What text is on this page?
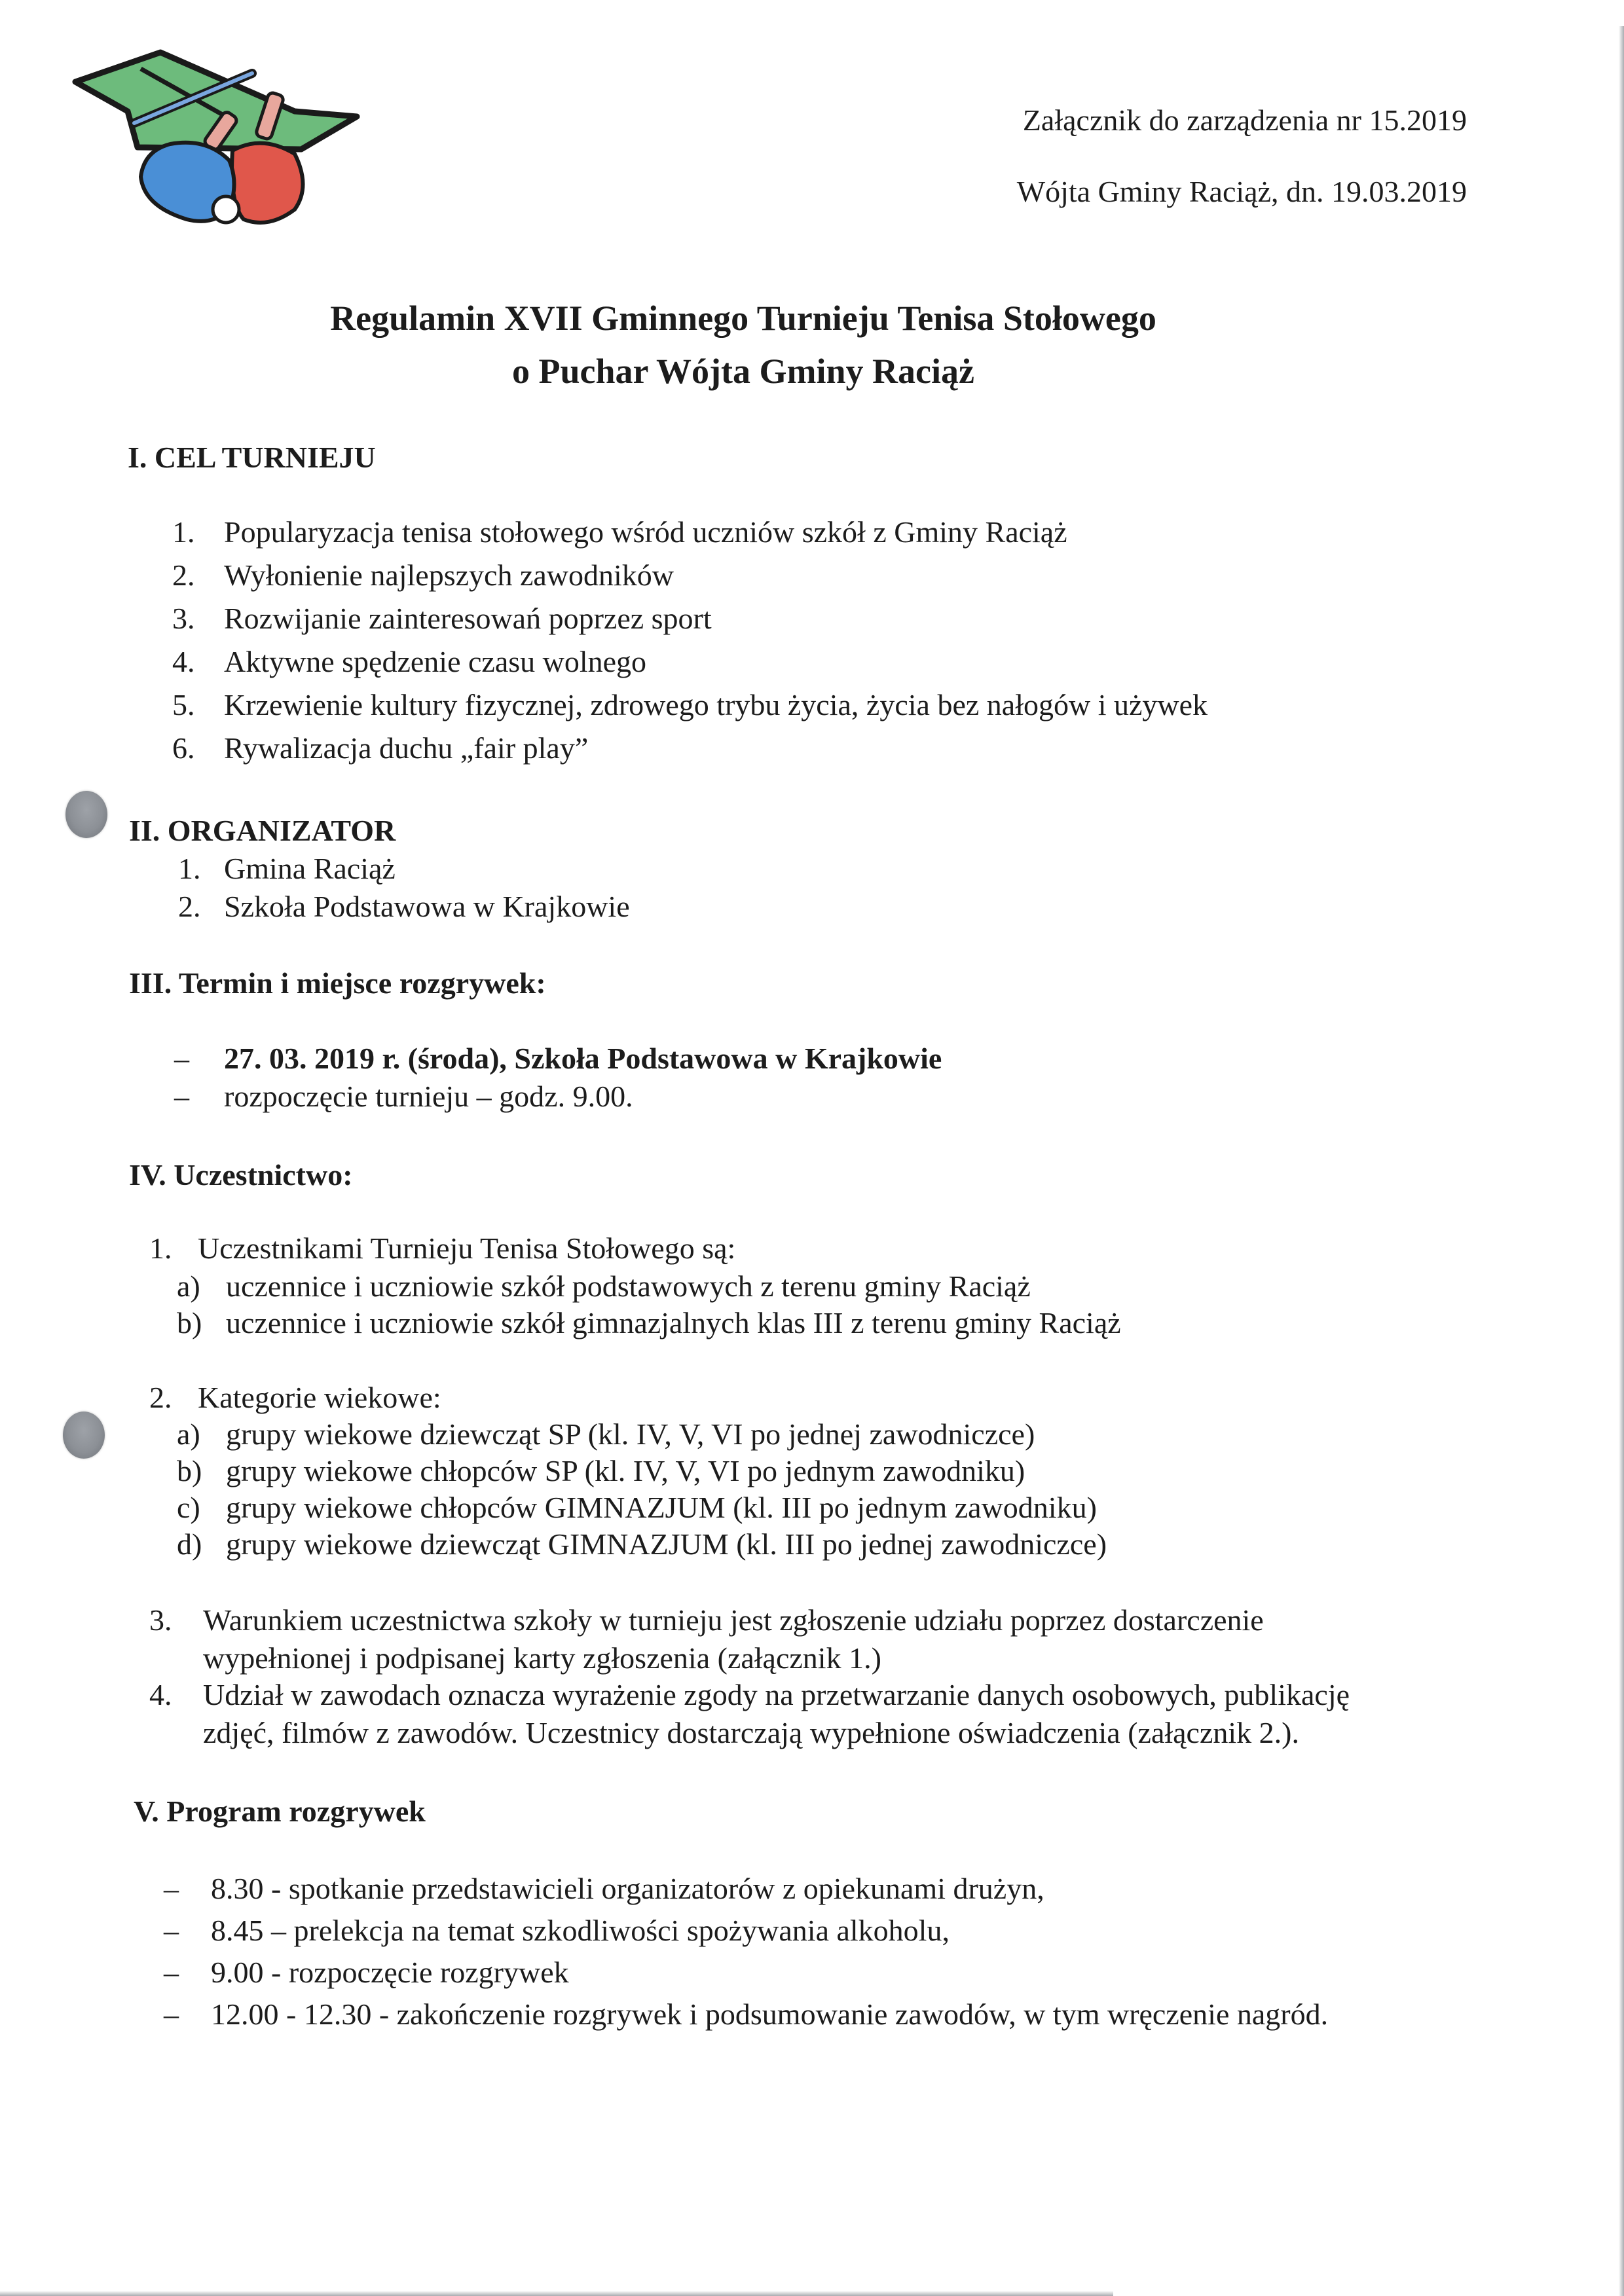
Załącznik do zarządzenia nr 15.2019
Wójta Gminy Raciąż, dn. 19.03.2019
Regulamin XVII Gminnego Turnieju Tenisa Stołowego
o Puchar Wójta Gminy Raciąż
I. CEL TURNIEJU
1. Popularyzacja tenisa stołowego wśród uczniów szkół z Gminy Raciąż
2. Wyłonienie najlepszych zawodników
3. Rozwijanie zainteresowań poprzez sport
4. Aktywne spędzenie czasu wolnego
5. Krzewienie kultury fizycznej, zdrowego trybu życia, życia bez nałogów i używek
6. Rywalizacja duchu „fair play”
II. ORGANIZATOR
1. Gmina Raciąż
2. Szkoła Podstawowa w Krajkowie
III. Termin i miejsce rozgrywek:
– 27. 03. 2019 r. (środa), Szkoła Podstawowa w Krajkowie
– rozpoczęcie turnieju – godz. 9.00.
IV. Uczestnictwo:
1. Uczestnikami Turnieju Tenisa Stołowego są:
a) uczennice i uczniowie szkół podstawowych z terenu gminy Raciąż
b) uczennice i uczniowie szkół gimnazjalnych klas III z terenu gminy Raciąż
2. Kategorie wiekowe:
a) grupy wiekowe dziewcząt SP (kl. IV, V, VI po jednej zawodniczce)
b) grupy wiekowe chłopców SP (kl. IV, V, VI po jednym zawodniku)
c) grupy wiekowe chłopców GIMNAZJUM (kl. III po jednym zawodniku)
d) grupy wiekowe dziewcząt GIMNAZJUM (kl. III po jednej zawodniczce)
3. Warunkiem uczestnictwa szkoły w turnieju jest zgłoszenie udziału poprzez dostarczenie
wypełnionej i podpisanej karty zgłoszenia (załącznik 1.)
4. Udział w zawodach oznacza wyrażenie zgody na przetwarzanie danych osobowych, publikację
zdjęć, filmów z zawodów. Uczestnicy dostarczają wypełnione oświadczenia (załącznik 2.).
V. Program rozgrywek
– 8.30 - spotkanie przedstawicieli organizatorów z opiekunami drużyn,
– 8.45 – prelekcja na temat szkodliwości spożywania alkoholu,
– 9.00 - rozpoczęcie rozgrywek
– 12.00 - 12.30 - zakończenie rozgrywek i podsumowanie zawodów, w tym wręczenie nagród.
